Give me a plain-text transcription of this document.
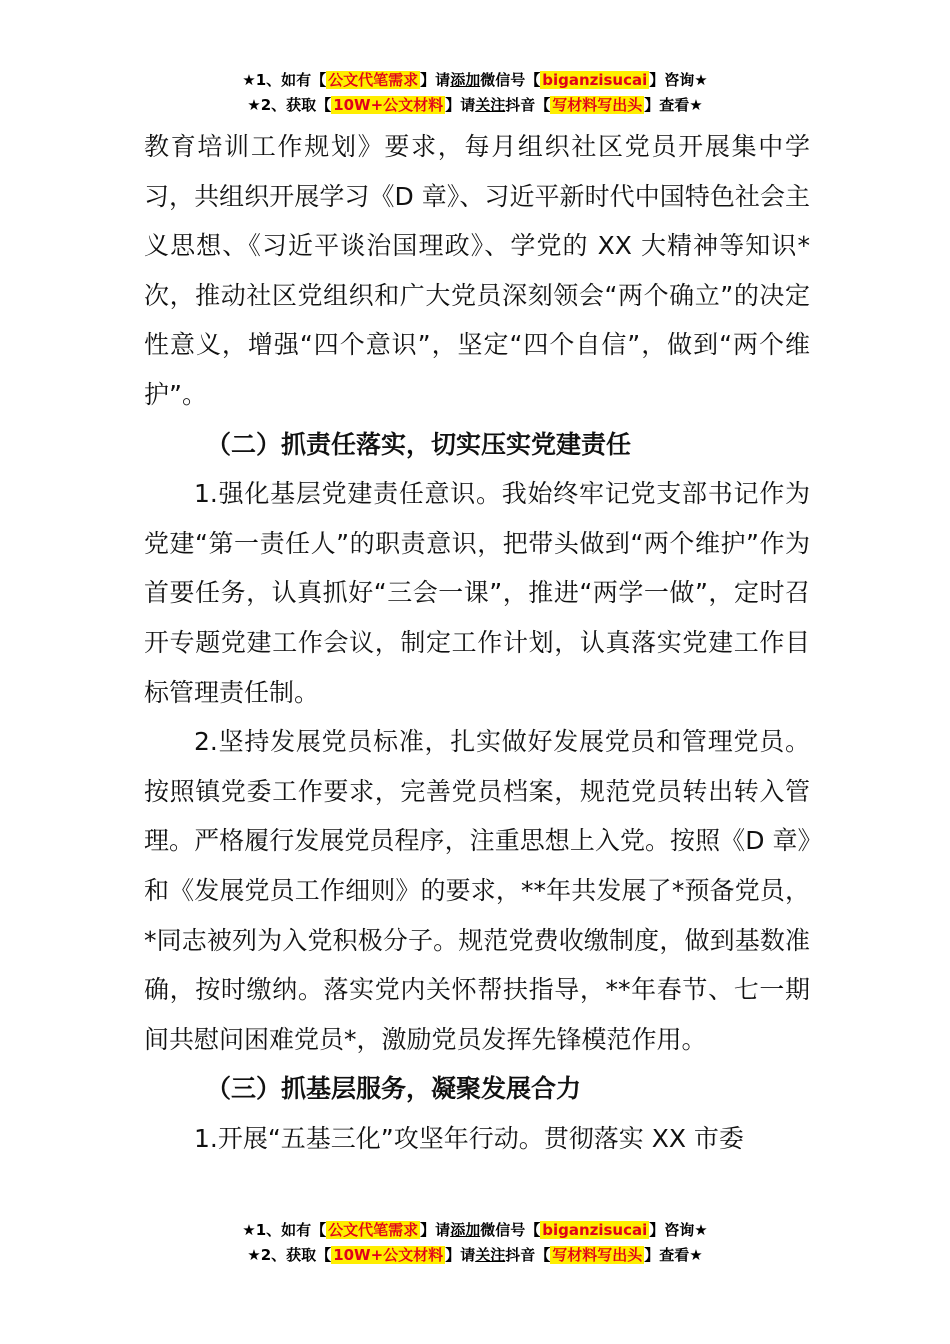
★1、如有【 公文代笔需求 】请添加微信号【 biganzisucai 】咨询★
★2、获取【 10W+公文材料 】请关注抖音【 写材料写出头 】查看★

教育培训工作规划》要求，每月组织社区党员开展集中学习，共组织开展学习《D 章》、习近平新时代中国特色社会主义思想、《习近平谈治国理政》、学党的 XX 大精神等知识*次，推动社区党组织和广大党员深刻领会“两个确立”的决定性意义，增强“四个意识”，坚定“四个自信”，做到“两个维护”。

（二）抓责任落实，切实压实党建责任

1.强化基层党建责任意识。我始终牢记党支部书记作为党建“第一责任人”的职责意识，把带头做到“两个维护”作为首要任务，认真抓好“三会一课”，推进“两学一做”，定时召开专题党建工作会议，制定工作计划，认真落实党建工作目标管理责任制。

2.坚持发展党员标准，扎实做好发展党员和管理党员。按照镇党委工作要求，完善党员档案，规范党员转出转入管理。严格履行发展党员程序，注重思想上入党。按照《D 章》和《发展党员工作细则》的要求，**年共发展了*预备党员，*同志被列为入党积极分子。规范党费收缴制度，做到基数准确，按时缴纳。落实党内关怀帮扶指导，**年春节、七一期间共慰问困难党员*，激励党员发挥先锋模范作用。

（三）抓基层服务，凝聚发展合力

1.开展“五基三化”攻坚年行动。贯彻落实 XX 市委

★1、如有【 公文代笔需求 】请添加微信号【 biganzisucai 】咨询★
★2、获取【 10W+公文材料 】请关注抖音【 写材料写出头 】查看★
